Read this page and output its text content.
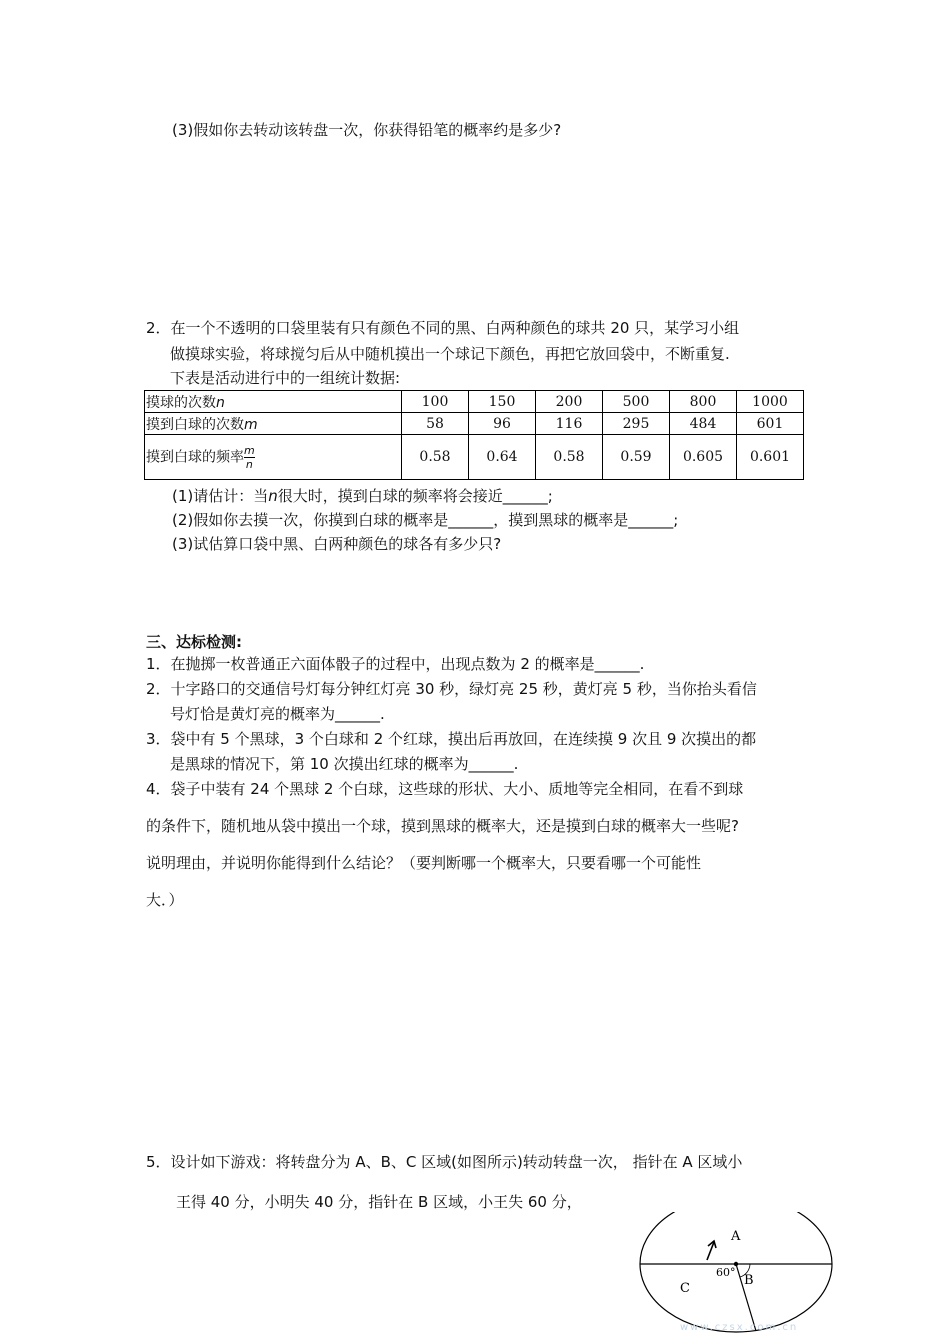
(3)假如你去转动该转盘一次，你获得铅笔的概率约是多少?
2．在一个不透明的口袋里装有只有颜色不同的黑、白两种颜色的球共 20 只，某学习小组
做摸球实验，将球搅匀后从中随机摸出一个球记下颜色，再把它放回袋中，不断重复.
下表是活动进行中的一组统计数据:
摸球的次数n	100	150	200	500	800	1000
摸到白球的次数m	58	96	116	295	484	601
摸到白球的频率$\frac{m}{n}$	0.58	0.64	0.58	0.59	0.605	0.601
(1)请估计：当n很大时，摸到白球的频率将会接近______;
(2)假如你去摸一次，你摸到白球的概率是______，摸到黑球的概率是______;
(3)试估算口袋中黑、白两种颜色的球各有多少只?
三、达标检测:
1．在抛掷一枚普通正六面体骰子的过程中，出现点数为 2 的概率是______.
2．十字路口的交通信号灯每分钟红灯亮 30 秒，绿灯亮 25 秒，黄灯亮 5 秒，当你抬头看信
号灯恰是黄灯亮的概率为______.
3．袋中有 5 个黑球，3 个白球和 2 个红球，摸出后再放回，在连续摸 9 次且 9 次摸出的都
是黑球的情况下，第 10 次摸出红球的概率为______.
4．袋子中装有 24 个黑球 2 个白球，这些球的形状、大小、质地等完全相同，在看不到球
的条件下，随机地从袋中摸出一个球，摸到黑球的概率大，还是摸到白球的概率大一些呢?
说明理由，并说明你能得到什么结论？（要判断哪一个概率大，只要看哪一个可能性
大．）
5．设计如下游戏：将转盘分为 A、B、C 区域(如图所示)转动转盘一次， 指针在 A 区域小
王得 40 分，小明失 40 分，指针在 B 区域，小王失 60 分，
A
B
C
60°
www.czsx.com.cn
